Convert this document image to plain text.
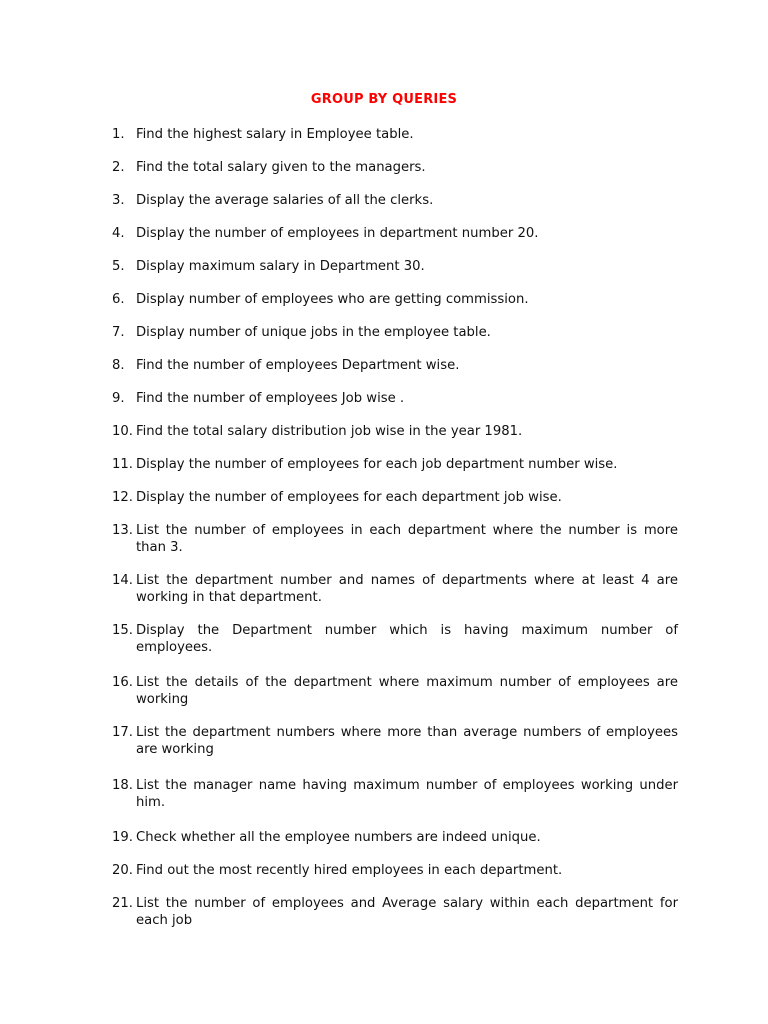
GROUP BY QUERIES
1. Find the highest salary in Employee table.
2. Find the total salary given to the managers.
3. Display the average salaries of all the clerks.
4. Display the number of employees in department number 20.
5. Display maximum salary in Department 30.
6. Display number of employees who are getting commission.
7. Display number of unique jobs in the employee table.
8. Find the number of employees Department wise.
9. Find the number of employees Job wise .
10. Find the total salary distribution job wise in the year 1981.
11. Display the number of employees for each job department number wise.
12. Display the number of employees for each department job wise.
13. List the number of employees in each department where the number is more than 3.
14. List the department number and names of departments where at least 4 are working in that department.
15. Display the Department number which is having maximum number of employees.
16. List the details of the department where maximum number of employees are working
17. List the department numbers where more than average numbers of employees are working
18. List the manager name having maximum number of employees working under him.
19. Check whether all the employee numbers are indeed unique.
20. Find out the most recently hired employees in each department.
21. List the number of employees and Average salary within each department for each job
